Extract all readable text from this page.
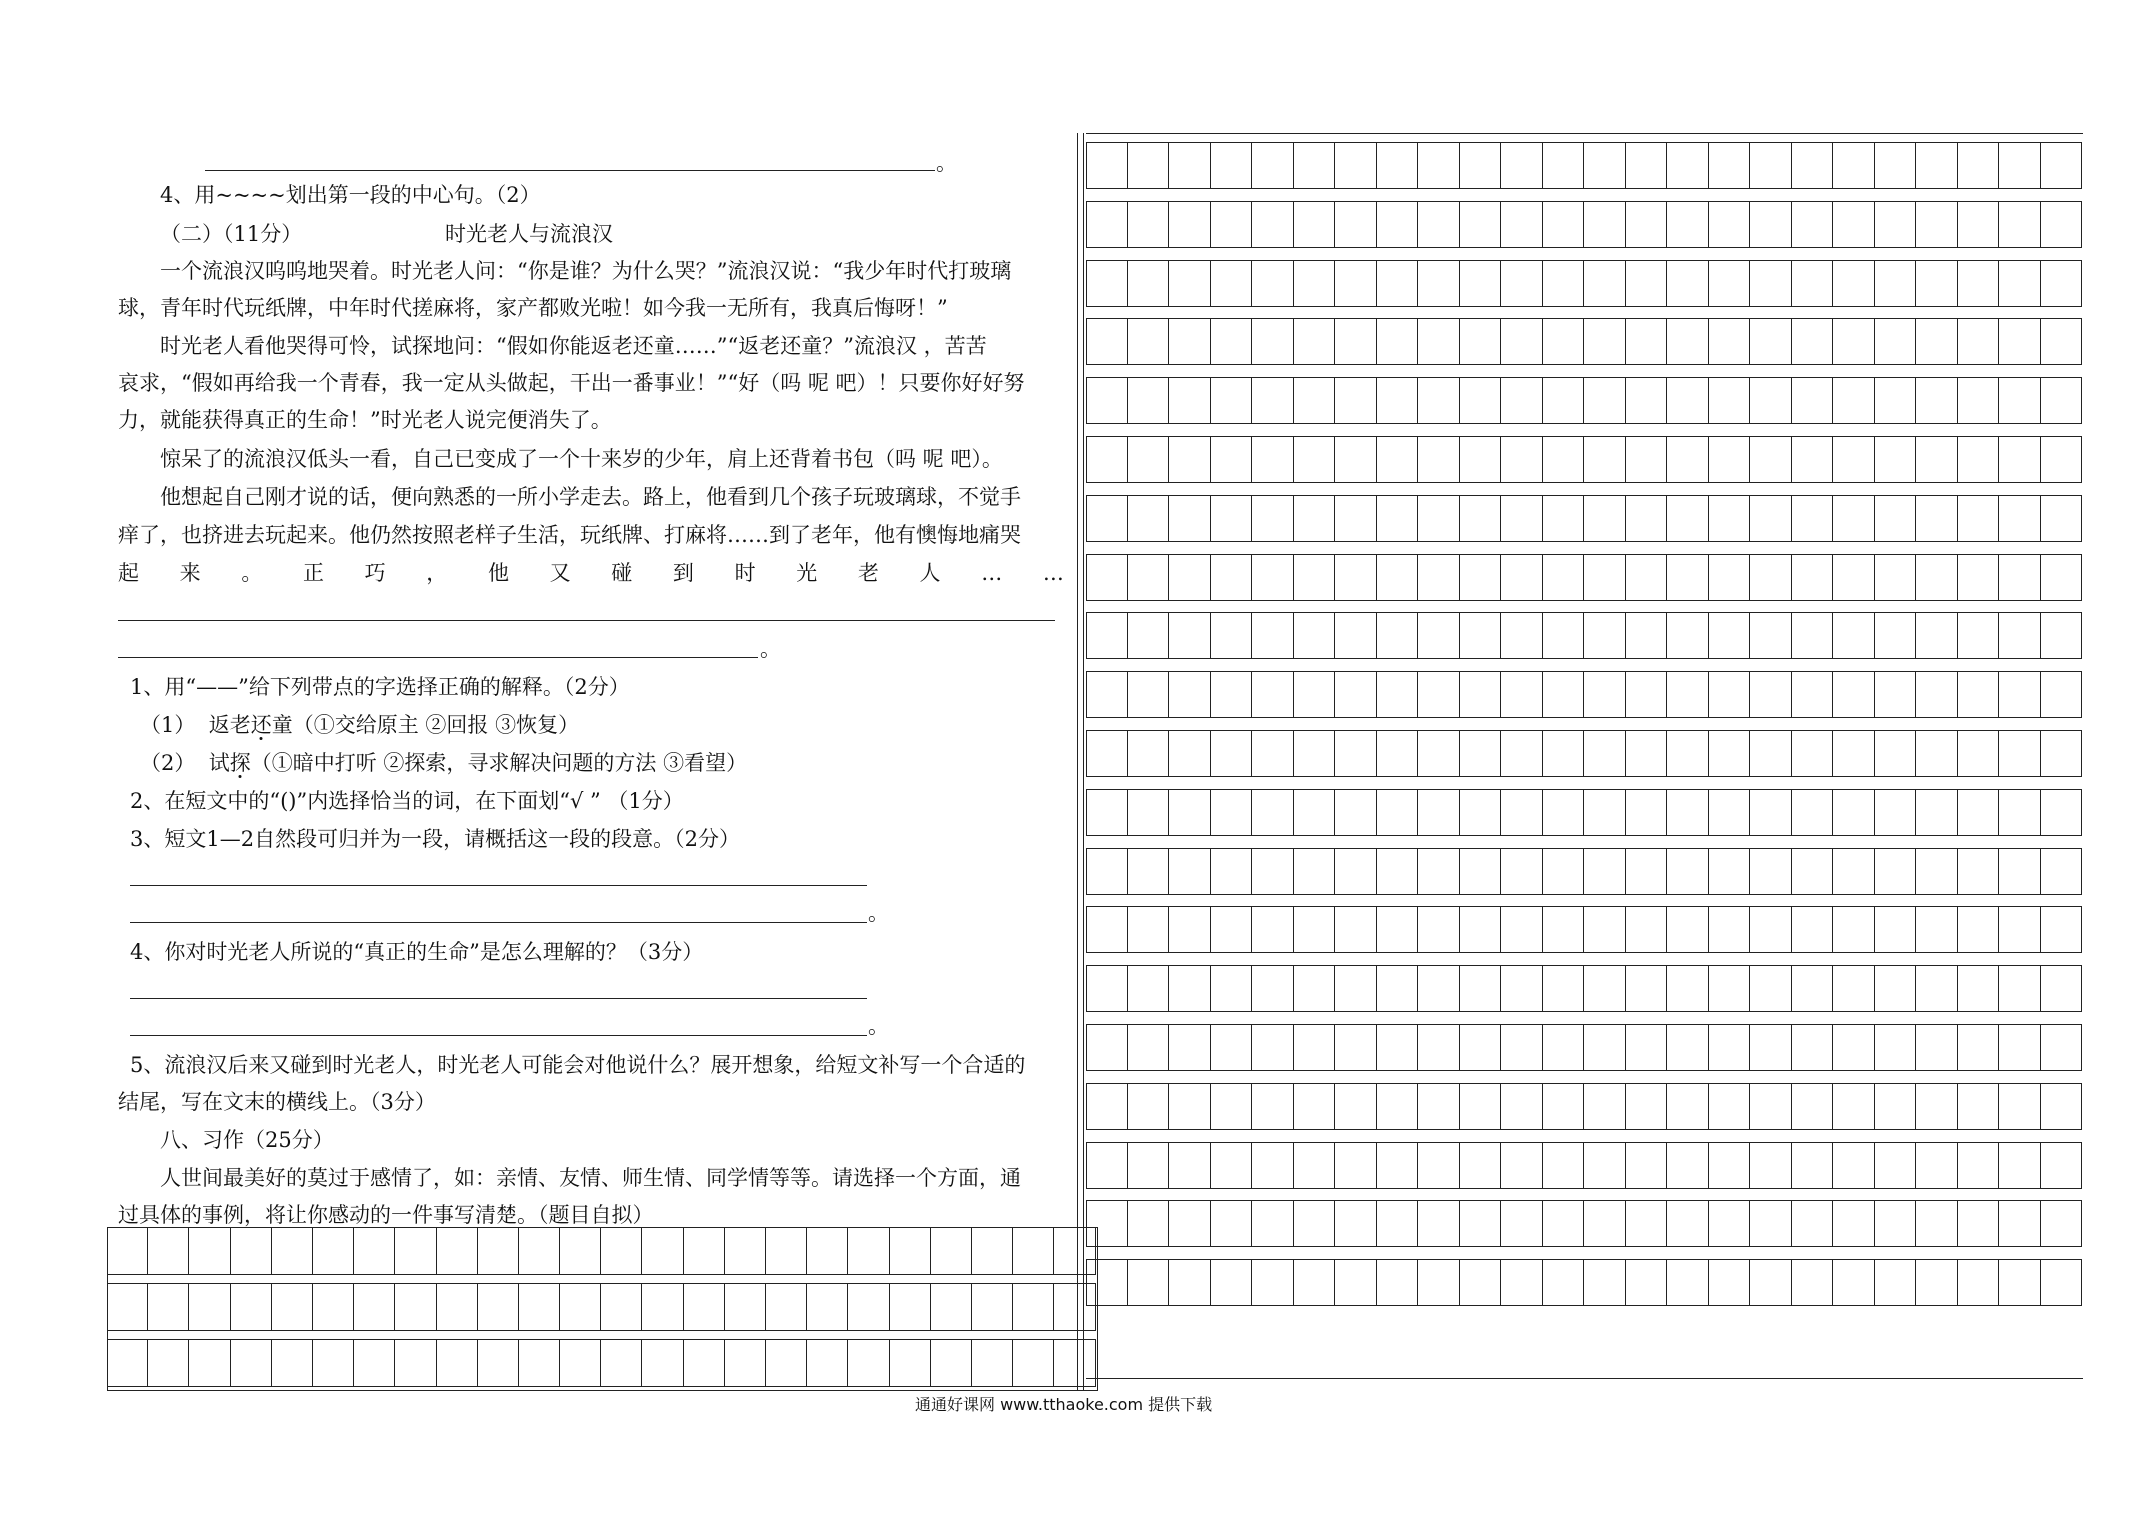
。
4、用~~~~划出第一段的中心句。（2）
（二）（11分）	时光老人与流浪汉
一个流浪汉呜呜地哭着。时光老人问：“你是谁？为什么哭？”流浪汉说：“我少年时代打玻璃
球，青年时代玩纸牌，中年时代搓麻将，家产都败光啦！如今我一无所有，我真后悔呀！”
时光老人看他哭得可怜，试探地问：“假如你能返老还童……”“返老还童？”流浪汉 ，苦苦
哀求，“假如再给我一个青春，我一定从头做起，干出一番事业！”“好（吗 呢 吧）！只要你好好努
力，就能获得真正的生命！”时光老人说完便消失了。
惊呆了的流浪汉低头一看，自己已变成了一个十来岁的少年，肩上还背着书包（吗 呢 吧）。
他想起自己刚才说的话，便向熟悉的一所小学走去。路上，他看到几个孩子玩玻璃球，不觉手
痒了，也挤进去玩起来。他仍然按照老样子生活，玩纸牌、打麻将……到了老年，他有懊悔地痛哭
起 来 。 正 巧 ， 他 又 碰 到 时 光 老 人 … …
。
1、用“——”给下列带点的字选择正确的解释。（2分）
（1） 返老还童（①交给原主 ②回报 ③恢复）
（2） 试探（①暗中打听 ②探索，寻求解决问题的方法 ③看望）
2、在短文中的“()”内选择恰当的词，在下面划“√ ” （1分）
3、短文1—2自然段可归并为一段，请概括这一段的段意。（2分）
。
4、你对时光老人所说的“真正的生命”是怎么理解的？（3分）
。
5、流浪汉后来又碰到时光老人，时光老人可能会对他说什么？展开想象，给短文补写一个合适的
结尾，写在文末的横线上。（3分）
八、习作（25分）
人世间最美好的莫过于感情了，如：亲情、友情、师生情、同学情等等。请选择一个方面，通
过具体的事例，将让你感动的一件事写清楚。（题目自拟）
通通好课网 www.tthaoke.com 提供下载
